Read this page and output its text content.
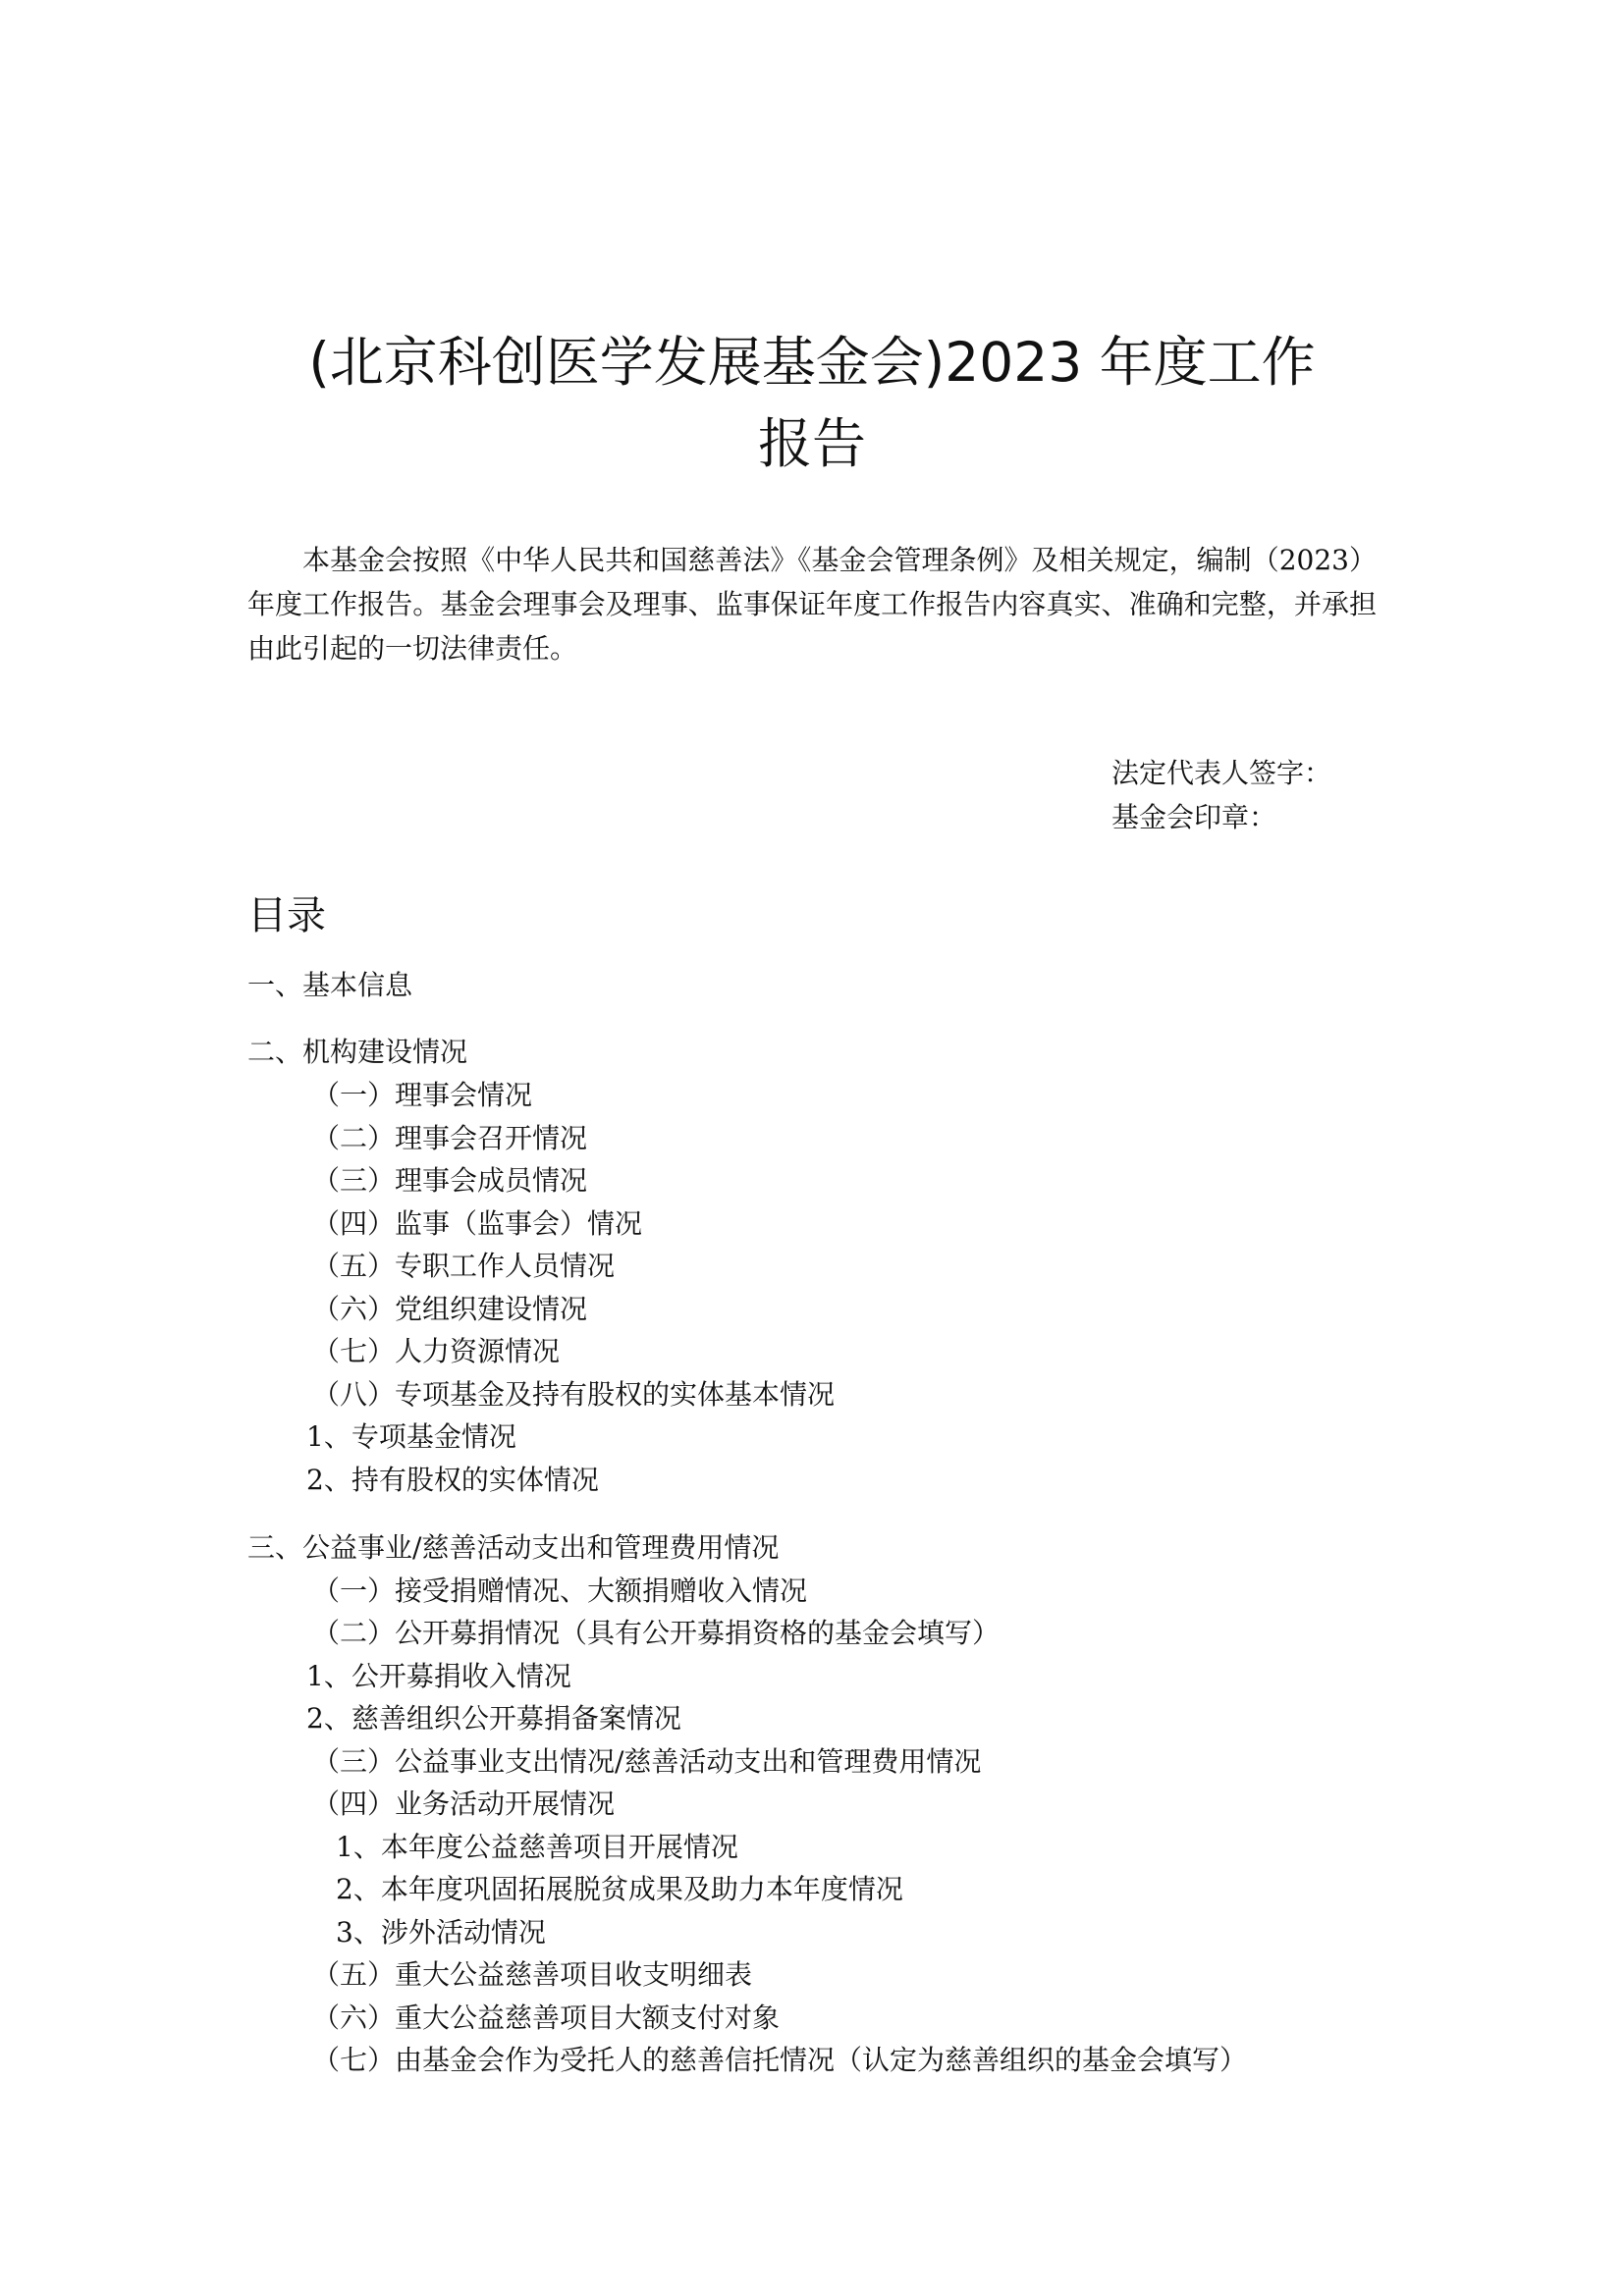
(北京科创医学发展基金会)2023 年度工作
报告

本基金会按照《中华人民共和国慈善法》《基金会管理条例》及相关规定，编制（2023）年度工作报告。基金会理事会及理事、监事保证年度工作报告内容真实、准确和完整，并承担由此引起的一切法律责任。

法定代表人签字：
基金会印章：
目录
一、基本信息
二、机构建设情况
（一）理事会情况
（二）理事会召开情况
（三）理事会成员情况
（四）监事（监事会）情况
（五）专职工作人员情况
（六）党组织建设情况
（七）人力资源情况
（八）专项基金及持有股权的实体基本情况
1、专项基金情况
2、持有股权的实体情况
三、公益事业/慈善活动支出和管理费用情况
（一）接受捐赠情况、大额捐赠收入情况
（二）公开募捐情况（具有公开募捐资格的基金会填写）
1、公开募捐收入情况
2、慈善组织公开募捐备案情况
（三）公益事业支出情况/慈善活动支出和管理费用情况
（四）业务活动开展情况
1、本年度公益慈善项目开展情况
2、本年度巩固拓展脱贫成果及助力本年度情况
3、涉外活动情况
（五）重大公益慈善项目收支明细表
（六）重大公益慈善项目大额支付对象
（七）由基金会作为受托人的慈善信托情况（认定为慈善组织的基金会填写）
